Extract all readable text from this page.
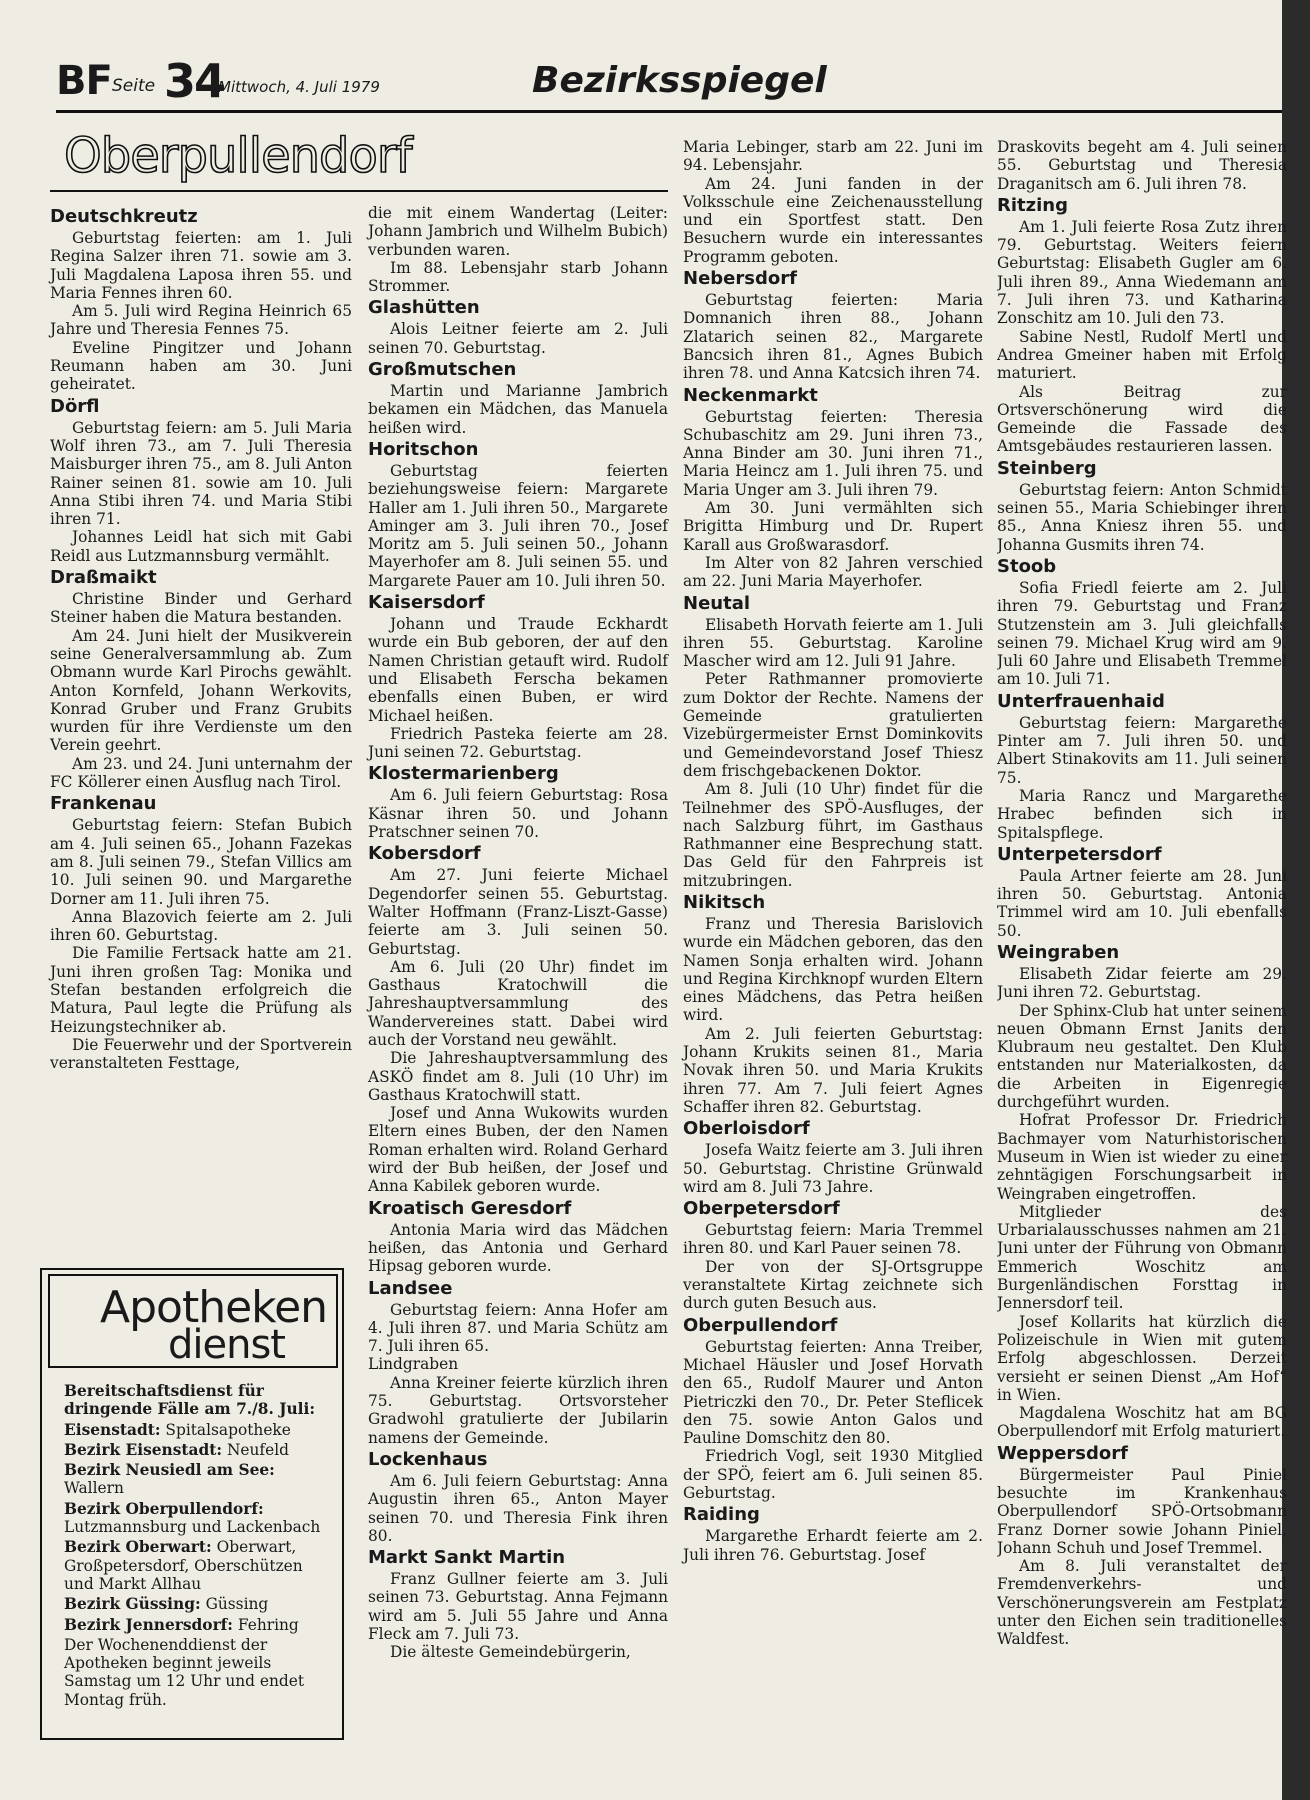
BF Seite 34
Mittwoch, 4. Juli 1979	Bezirksspiegel
Oberpullendorf
Deutschkreutz

Geburtstag feierten: am 1. Juli Regina Salzer ihren 71. sowie am 3. Juli Magdalena Laposa ihren 55. und Maria Fennes ihren 60.

Am 5. Juli wird Regina Heinrich 65 Jahre und Theresia Fennes 75.

Eveline Pingitzer und Johann Reumann haben am 30. Juni geheiratet.

Dörfl

Geburtstag feiern: am 5. Juli Maria Wolf ihren 73., am 7. Juli Theresia Maisburger ihren 75., am 8. Juli Anton Rainer seinen 81. sowie am 10. Juli Anna Stibi ihren 74. und Maria Stibi ihren 71.

Johannes Leidl hat sich mit Gabi Reidl aus Lutzmannsburg vermählt.

Draßmaikt

Christine Binder und Gerhard Steiner haben die Matura bestanden.

Am 24. Juni hielt der Musikverein seine Generalversammlung ab. Zum Obmann wurde Karl Pirochs gewählt. Anton Kornfeld, Johann Werkovits, Konrad Gruber und Franz Grubits wurden für ihre Verdienste um den Verein geehrt.

Am 23. und 24. Juni unternahm der FC Köllerer einen Ausflug nach Tirol.

Frankenau

Geburtstag feiern: Stefan Bubich am 4. Juli seinen 65., Johann Fazekas am 8. Juli seinen 79., Stefan Villics am 10. Juli seinen 90. und Margarethe Dorner am 11. Juli ihren 75.

Anna Blazovich feierte am 2. Juli ihren 60. Geburtstag.

Die Familie Fertsack hatte am 21. Juni ihren großen Tag: Monika und Stefan bestanden erfolgreich die Matura, Paul legte die Prüfung als Heizungstechniker ab.

Die Feuerwehr und der Sportverein veranstalteten Festtage,

die mit einem Wandertag (Leiter: Johann Jambrich und Wilhelm Bubich) verbunden waren.

Im 88. Lebensjahr starb Johann Strommer.

Glashütten

Alois Leitner feierte am 2. Juli seinen 70. Geburtstag.

Großmutschen

Martin und Marianne Jambrich bekamen ein Mädchen, das Manuela heißen wird.

Horitschon

Geburtstag feierten beziehungsweise feiern: Margarete Haller am 1. Juli ihren 50., Margarete Aminger am 3. Juli ihren 70., Josef Moritz am 5. Juli seinen 50., Johann Mayerhofer am 8. Juli seinen 55. und Margarete Pauer am 10. Juli ihren 50.

Kaisersdorf

Johann und Traude Eckhardt wurde ein Bub geboren, der auf den Namen Christian getauft wird. Rudolf und Elisabeth Ferscha bekamen ebenfalls einen Buben, er wird Michael heißen.

Friedrich Pasteka feierte am 28. Juni seinen 72. Geburtstag.

Klostermarienberg

Am 6. Juli feiern Geburtstag: Rosa Käsnar ihren 50. und Johann Pratschner seinen 70.

Kobersdorf

Am 27. Juni feierte Michael Degendorfer seinen 55. Geburtstag. Walter Hoffmann (Franz-Liszt-Gasse) feierte am 3. Juli seinen 50. Geburtstag.

Am 6. Juli (20 Uhr) findet im Gasthaus Kratochwill die Jahreshauptversammlung des Wandervereines statt. Dabei wird auch der Vorstand neu gewählt.

Die Jahreshauptversammlung des ASKÖ findet am 8. Juli (10 Uhr) im Gasthaus Kratochwill statt.

Josef und Anna Wukowits wurden Eltern eines Buben, der den Namen Roman erhalten wird. Roland Gerhard wird der Bub heißen, der Josef und Anna Kabilek geboren wurde.

Kroatisch Geresdorf

Antonia Maria wird das Mädchen heißen, das Antonia und Gerhard Hipsag geboren wurde.

Landsee

Geburtstag feiern: Anna Hofer am 4. Juli ihren 87. und Maria Schütz am 7. Juli ihren 65.

Lindgraben

Anna Kreiner feierte kürzlich ihren 75. Geburtstag. Ortsvorsteher Gradwohl gratulierte der Jubilarin namens der Gemeinde.

Lockenhaus

Am 6. Juli feiern Geburtstag: Anna Augustin ihren 65., Anton Mayer seinen 70. und Theresia Fink ihren 80.

Markt Sankt Martin

Franz Gullner feierte am 3. Juli seinen 73. Geburtstag. Anna Fejmann wird am 5. Juli 55 Jahre und Anna Fleck am 7. Juli 73.

Die älteste Gemeindebürgerin,

Maria Lebinger, starb am 22. Juni im 94. Lebensjahr.

Am 24. Juni fanden in der Volksschule eine Zeichenausstellung und ein Sportfest statt. Den Besuchern wurde ein interessantes Programm geboten.

Nebersdorf

Geburtstag feierten: Maria Domnanich ihren 88., Johann Zlatarich seinen 82., Margarete Bancsich ihren 81., Agnes Bubich ihren 78. und Anna Katcsich ihren 74.

Neckenmarkt

Geburtstag feierten: Theresia Schubaschitz am 29. Juni ihren 73., Anna Binder am 30. Juni ihren 71., Maria Heincz am 1. Juli ihren 75. und Maria Unger am 3. Juli ihren 79.

Am 30. Juni vermählten sich Brigitta Himburg und Dr. Rupert Karall aus Großwarasdorf.

Im Alter von 82 Jahren verschied am 22. Juni Maria Mayerhofer.

Neutal

Elisabeth Horvath feierte am 1. Juli ihren 55. Geburtstag. Karoline Mascher wird am 12. Juli 91 Jahre.

Peter Rathmanner promovierte zum Doktor der Rechte. Namens der Gemeinde gratulierten Vizebürgermeister Ernst Dominkovits und Gemeindevorstand Josef Thiesz dem frischgebackenen Doktor.

Am 8. Juli (10 Uhr) findet für die Teilnehmer des SPÖ-Ausfluges, der nach Salzburg führt, im Gasthaus Rathmanner eine Besprechung statt. Das Geld für den Fahrpreis ist mitzubringen.

Nikitsch

Franz und Theresia Barislovich wurde ein Mädchen geboren, das den Namen Sonja erhalten wird. Johann und Regina Kirchknopf wurden Eltern eines Mädchens, das Petra heißen wird.

Am 2. Juli feierten Geburtstag: Johann Krukits seinen 81., Maria Novak ihren 50. und Maria Krukits ihren 77. Am 7. Juli feiert Agnes Schaffer ihren 82. Geburtstag.

Oberloisdorf

Josefa Waitz feierte am 3. Juli ihren 50. Geburtstag. Christine Grünwald wird am 8. Juli 73 Jahre.

Oberpetersdorf

Geburtstag feiern: Maria Tremmel ihren 80. und Karl Pauer seinen 78.

Der von der SJ-Ortsgruppe veranstaltete Kirtag zeichnete sich durch guten Besuch aus.

Oberpullendorf

Geburtstag feierten: Anna Treiber, Michael Häusler und Josef Horvath den 65., Rudolf Maurer und Anton Pietriczki den 70., Dr. Peter Steflicek den 75. sowie Anton Galos und Pauline Domschitz den 80.

Friedrich Vogl, seit 1930 Mitglied der SPÖ, feiert am 6. Juli seinen 85. Geburtstag.

Raiding

Margarethe Erhardt feierte am 2. Juli ihren 76. Geburtstag. Josef

Draskovits begeht am 4. Juli seinen 55. Geburtstag und Theresia Draganitsch am 6. Juli ihren 78.

Ritzing

Am 1. Juli feierte Rosa Zutz ihren 79. Geburtstag. Weiters feiern Geburtstag: Elisabeth Gugler am 6. Juli ihren 89., Anna Wiedemann am 7. Juli ihren 73. und Katharina Zonschitz am 10. Juli den 73.

Sabine Nestl, Rudolf Mertl und Andrea Gmeiner haben mit Erfolg maturiert.

Als Beitrag zur Ortsverschönerung wird die Gemeinde die Fassade des Amtsgebäudes restaurieren lassen.

Steinberg

Geburtstag feiern: Anton Schmidt seinen 55., Maria Schiebinger ihren 85., Anna Kniesz ihren 55. und Johanna Gusmits ihren 74.

Stoob

Sofia Friedl feierte am 2. Juli ihren 79. Geburtstag und Franz Stutzenstein am 3. Juli gleichfalls seinen 79. Michael Krug wird am 9. Juli 60 Jahre und Elisabeth Tremmel am 10. Juli 71.

Unterfrauenhaid

Geburtstag feiern: Margarethe Pinter am 7. Juli ihren 50. und Albert Stinakovits am 11. Juli seinen 75.

Maria Rancz und Margarethe Hrabec befinden sich in Spitalspflege.

Unterpetersdorf

Paula Artner feierte am 28. Juni ihren 50. Geburtstag. Antonia Trimmel wird am 10. Juli ebenfalls 50.

Weingraben

Elisabeth Zidar feierte am 29. Juni ihren 72. Geburtstag.

Der Sphinx-Club hat unter seinem neuen Obmann Ernst Janits den Klubraum neu gestaltet. Den Klub entstanden nur Materialkosten, da die Arbeiten in Eigenregie durchgeführt wurden.

Hofrat Professor Dr. Friedrich Bachmayer vom Naturhistorischen Museum in Wien ist wieder zu einer zehntägigen Forschungsarbeit in Weingraben eingetroffen.

Mitglieder des Urbarialausschusses nahmen am 21. Juni unter der Führung von Obmann Emmerich Woschitz am Burgenländischen Forsttag in Jennersdorf teil.

Josef Kollarits hat kürzlich die Polizeischule in Wien mit gutem Erfolg abgeschlossen. Derzeit versieht er seinen Dienst „Am Hof“ in Wien.

Magdalena Woschitz hat am BG Oberpullendorf mit Erfolg maturiert.

Weppersdorf

Bürgermeister Paul Piniel besuchte im Krankenhaus Oberpullendorf SPÖ-Ortsobmann Franz Dorner sowie Johann Piniel, Johann Schuh und Josef Tremmel.

Am 8. Juli veranstaltet der Fremdenverkehrs- und Verschönerungsverein am Festplatz unter den Eichen sein traditionelles Waldfest.

Apotheken
dienst

Bereitschaftsdienst für dringende Fälle am 7./8. Juli:

Eisenstadt: Spitalsapotheke

Bezirk Eisenstadt: Neufeld

Bezirk Neusiedl am See: Wallern

Bezirk Oberpullendorf: Lutzmannsburg und Lackenbach

Bezirk Oberwart: Oberwart, Großpetersdorf, Oberschützen und Markt Allhau

Bezirk Güssing: Güssing

Bezirk Jennersdorf: Fehring

Der Wochenenddienst der Apotheken beginnt jeweils Samstag um 12 Uhr und endet Montag früh.
